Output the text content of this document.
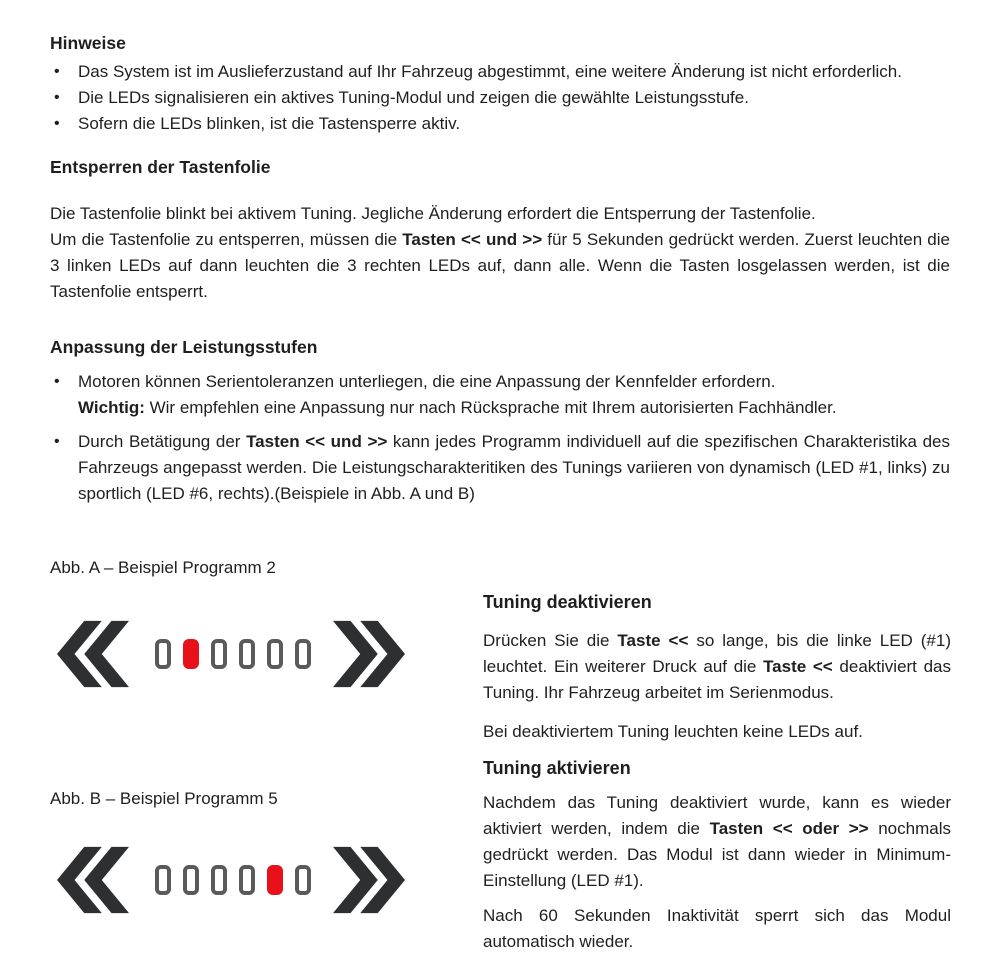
Hinweise
• Das System ist im Auslieferzustand auf Ihr Fahrzeug abgestimmt, eine weitere Änderung ist nicht erforderlich.
• Die LEDs signalisieren ein aktives Tuning-Modul und zeigen die gewählte Leistungsstufe.
• Sofern die LEDs blinken, ist die Tastensperre aktiv.
Entsperren der Tastenfolie

Die Tastenfolie blinkt bei aktivem Tuning. Jegliche Änderung erfordert die Entsperrung der Tastenfolie.

Um die Tastenfolie zu entsperren, müssen die Tasten << und >> für 5 Sekunden gedrückt werden. Zuerst leuchten die 3 linken LEDs auf dann leuchten die 3 rechten LEDs auf, dann alle. Wenn die Tasten losgelassen werden, ist die Tastenfolie entsperrt.

Anpassung der Leistungsstufen

• Motoren können Serientoleranzen unterliegen, die eine Anpassung der Kennfelder erfordern.

Wichtig: Wir empfehlen eine Anpassung nur nach Rücksprache mit Ihrem autorisierten Fachhändler.

• Durch Betätigung der Tasten << und >> kann jedes Programm individuell auf die spezifischen Charakteristika des Fahrzeugs angepasst werden. Die Leistungscharakteritiken des Tunings variieren von dynamisch (LED #1, links) zu sportlich (LED #6, rechts).(Beispiele in Abb. A und B)
Abb. A – Beispiel Programm 2
Abb. B – Beispiel Programm 5
Tuning deaktivieren

Drücken Sie die Taste << so lange, bis die linke LED (#1) leuchtet. Ein weiterer Druck auf die Taste << deaktiviert das Tuning. Ihr Fahrzeug arbeitet im Serienmodus.

Bei deaktiviertem Tuning leuchten keine LEDs auf.

Tuning aktivieren

Nachdem das Tuning deaktiviert wurde, kann es wieder aktiviert werden, indem die Tasten << oder >> nochmals gedrückt werden. Das Modul ist dann wieder in Minimum-Einstellung (LED #1).

Nach 60 Sekunden Inaktivität sperrt sich das Modul automatisch wieder.
